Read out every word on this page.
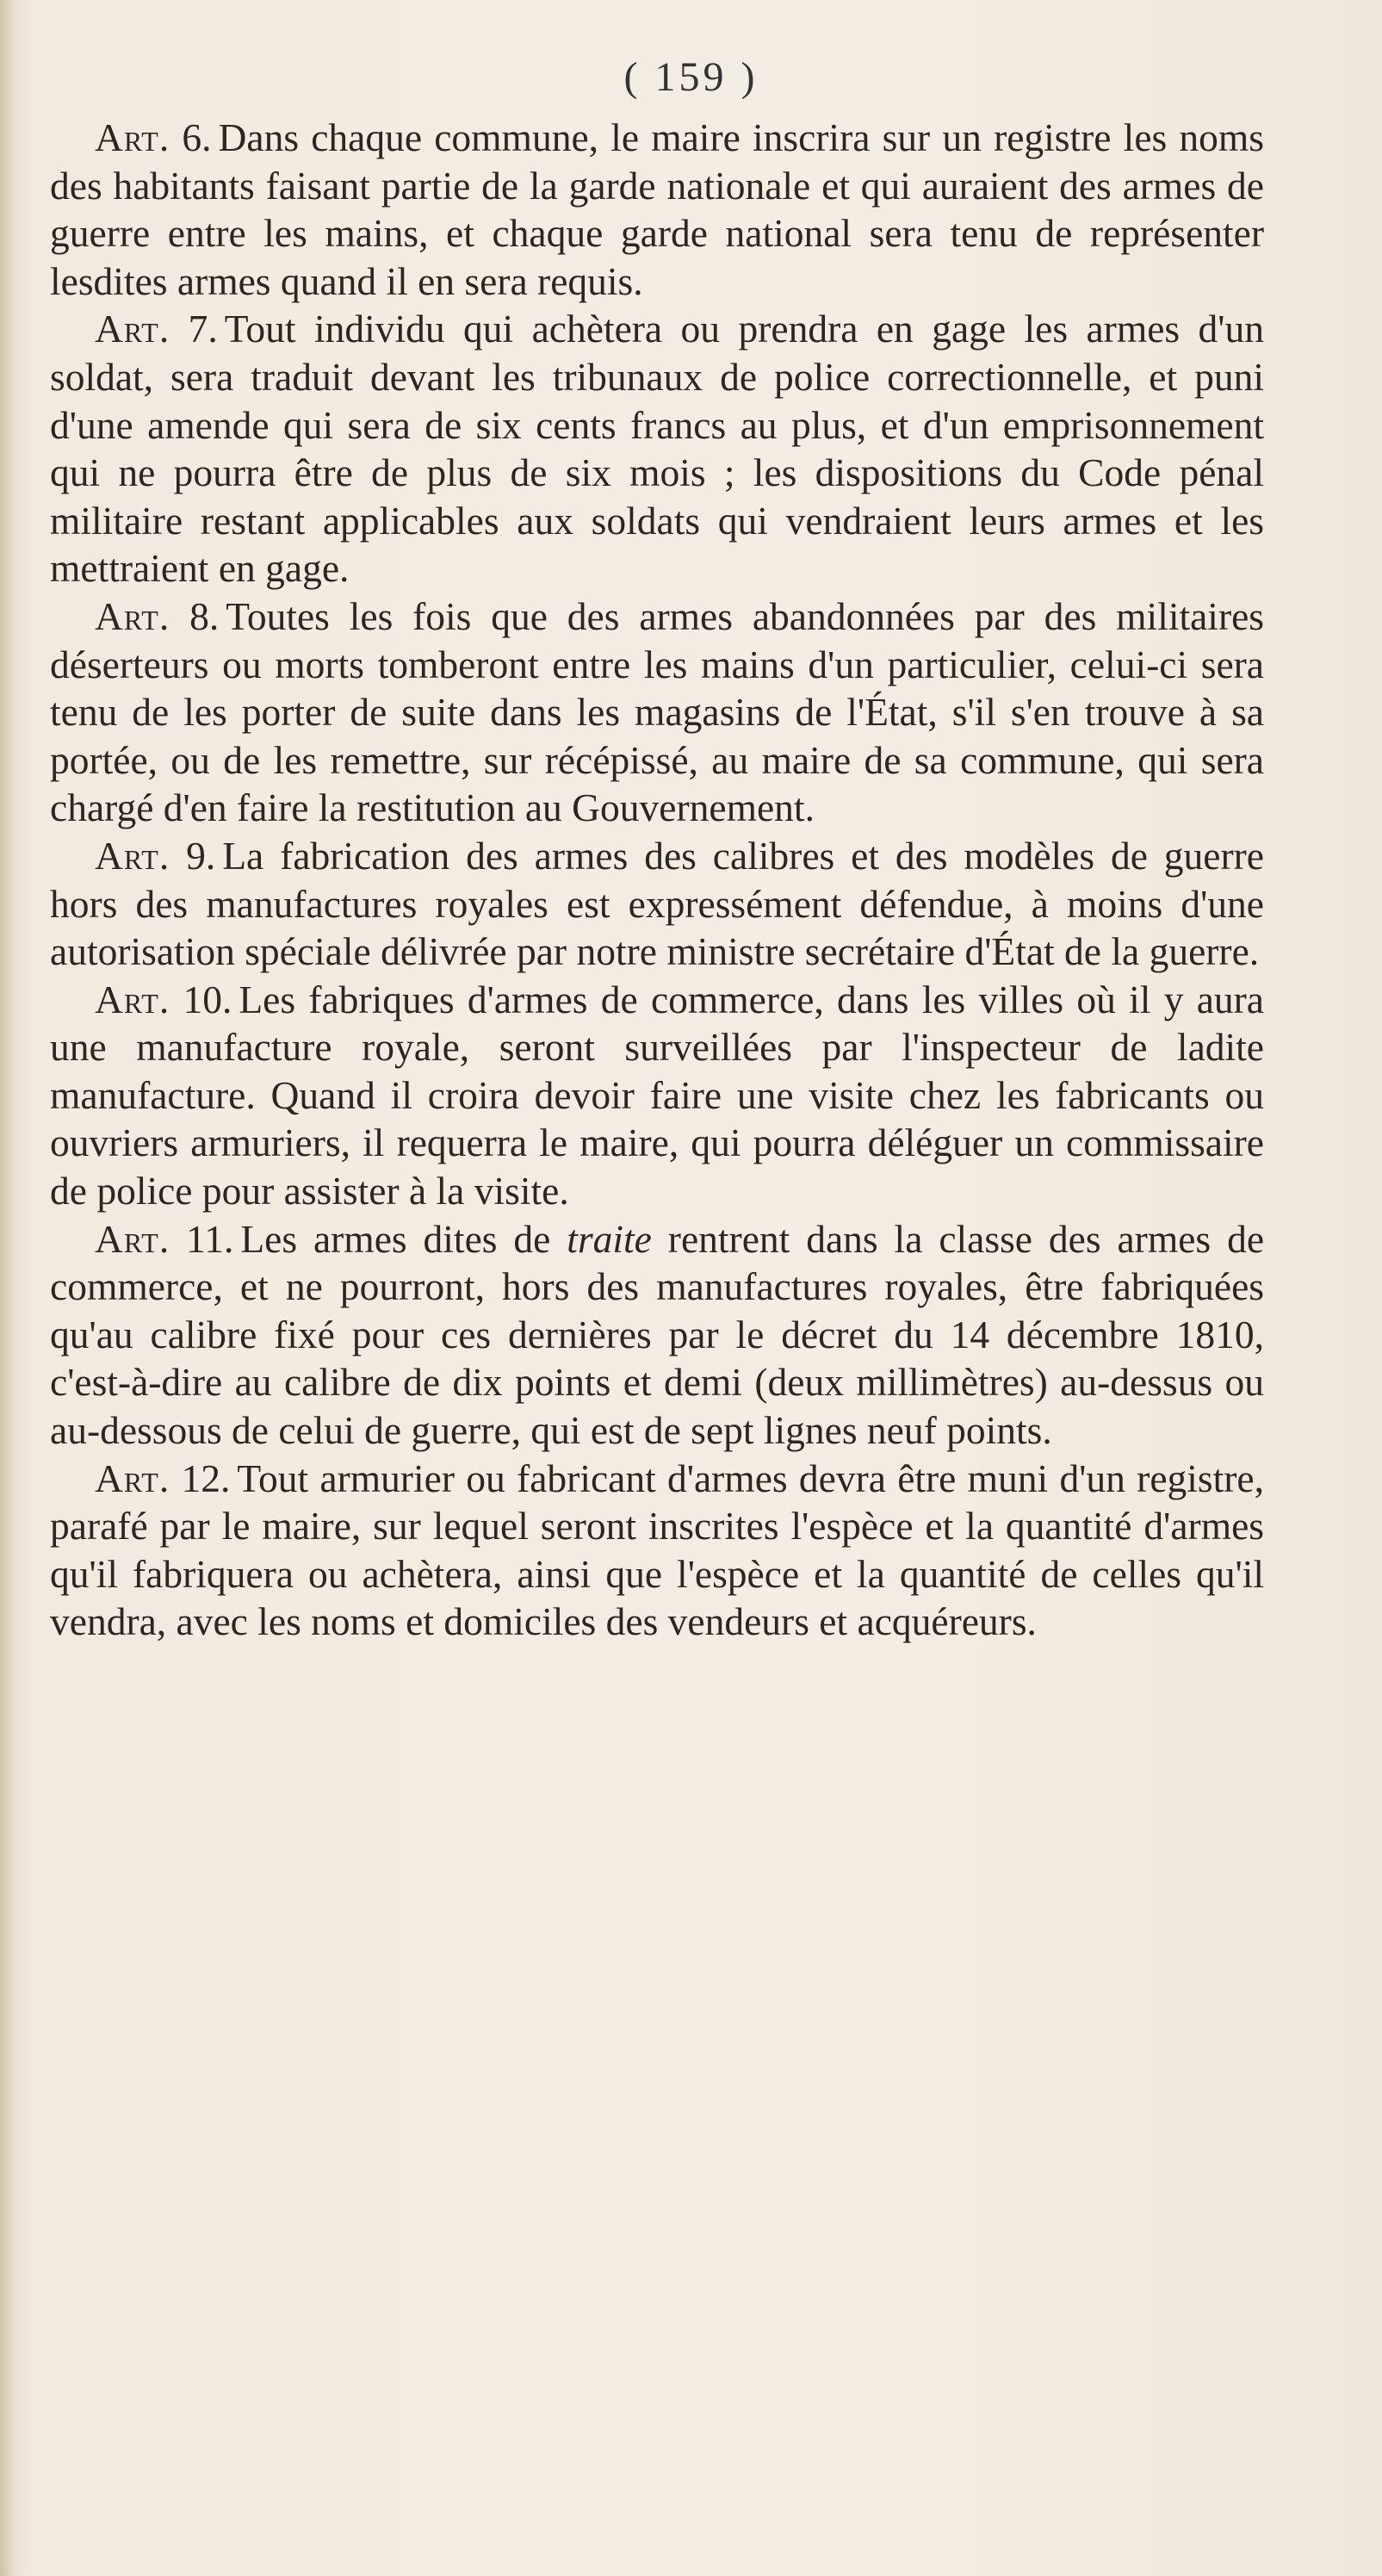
( 159 )

Art. 6. Dans chaque commune, le maire inscrira sur un registre les noms des habitants faisant partie de la garde nationale et qui auraient des armes de guerre entre les mains, et chaque garde national sera tenu de représenter lesdites armes quand il en sera requis.

Art. 7. Tout individu qui achètera ou prendra en gage les armes d'un soldat, sera traduit devant les tribunaux de police correctionnelle, et puni d'une amende qui sera de six cents francs au plus, et d'un emprisonnement qui ne pourra être de plus de six mois ; les dispositions du Code pénal militaire restant applicables aux soldats qui vendraient leurs armes et les mettraient en gage.

Art. 8. Toutes les fois que des armes abandonnées par des militaires déserteurs ou morts tomberont entre les mains d'un particulier, celui-ci sera tenu de les porter de suite dans les magasins de l'État, s'il s'en trouve à sa portée, ou de les remettre, sur récépissé, au maire de sa commune, qui sera chargé d'en faire la restitution au Gouvernement.

Art. 9. La fabrication des armes des calibres et des modèles de guerre hors des manufactures royales est expressément défendue, à moins d'une autorisation spéciale délivrée par notre ministre secrétaire d'État de la guerre.

Art. 10. Les fabriques d'armes de commerce, dans les villes où il y aura une manufacture royale, seront surveillées par l'inspecteur de ladite manufacture. Quand il croira devoir faire une visite chez les fabricants ou ouvriers armuriers, il requerra le maire, qui pourra déléguer un commissaire de police pour assister à la visite.

Art. 11. Les armes dites de traite rentrent dans la classe des armes de commerce, et ne pourront, hors des manufactures royales, être fabriquées qu'au calibre fixé pour ces dernières par le décret du 14 décembre 1810, c'est-à-dire au calibre de dix points et demi (deux millimètres) au-dessus ou au-dessous de celui de guerre, qui est de sept lignes neuf points.

Art. 12. Tout armurier ou fabricant d'armes devra être muni d'un registre, parafé par le maire, sur lequel seront inscrites l'espèce et la quantité d'armes qu'il fabriquera ou achètera, ainsi que l'espèce et la quantité de celles qu'il vendra, avec les noms et domiciles des vendeurs et acquéreurs.
